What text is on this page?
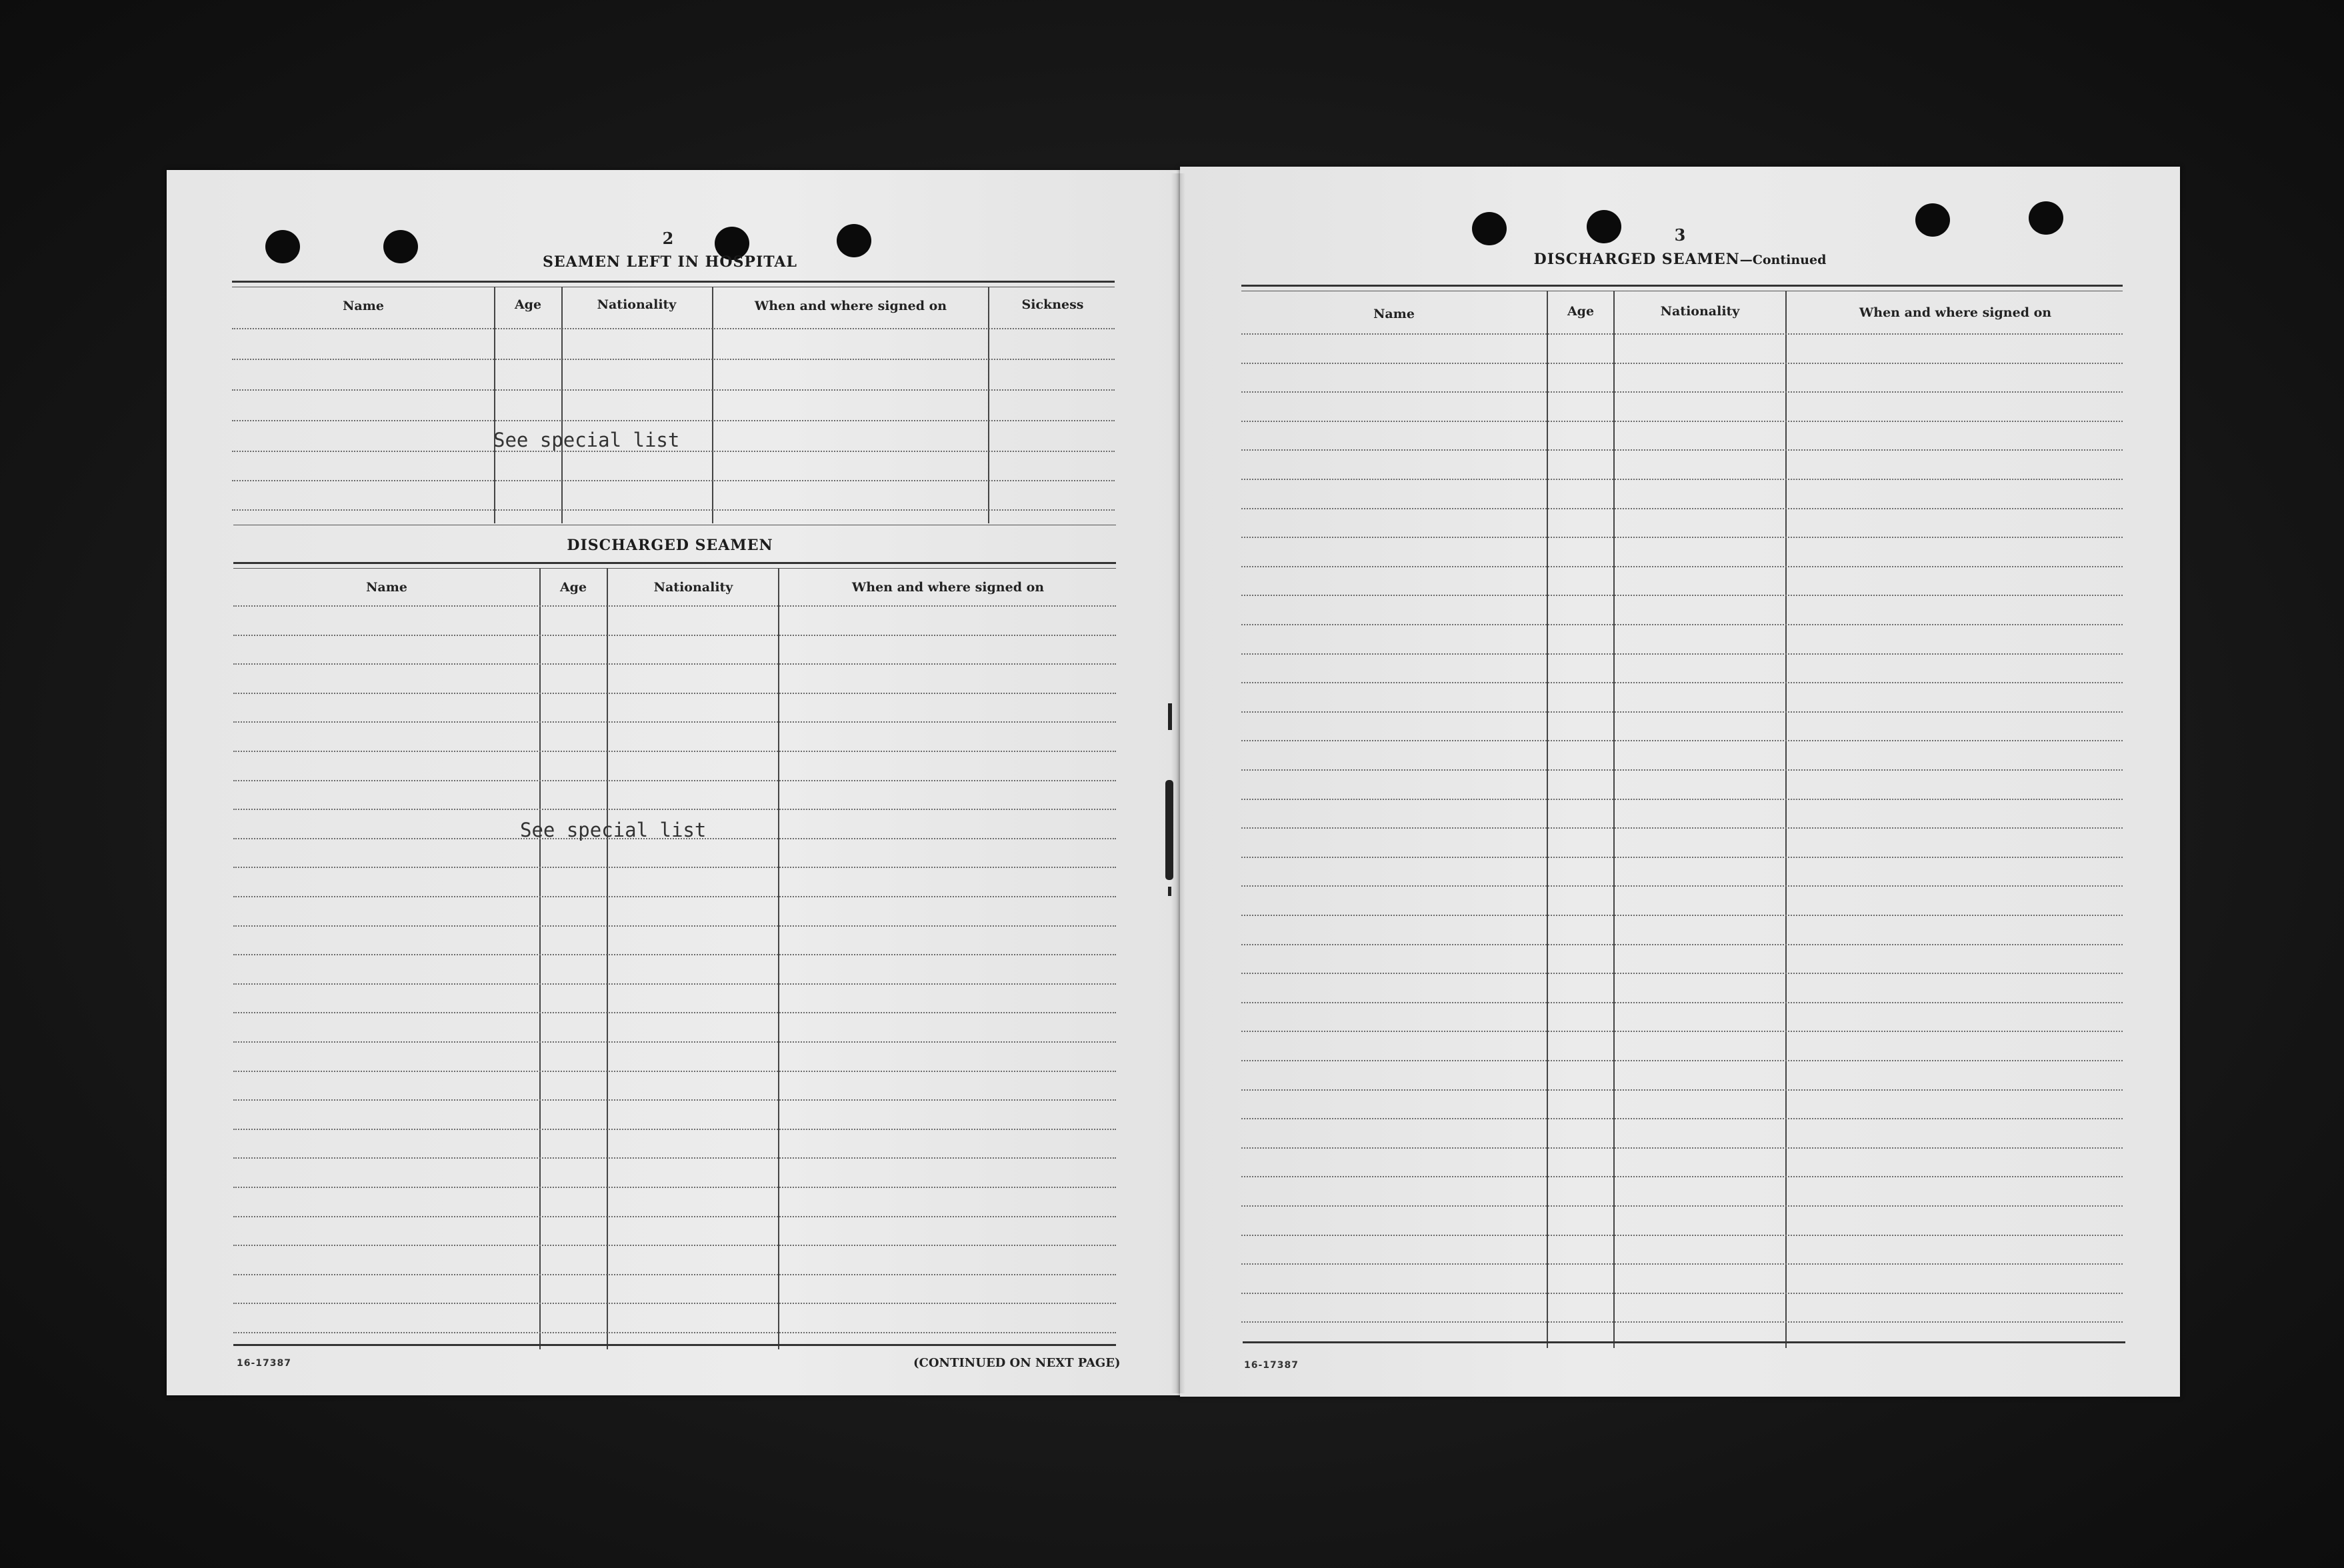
2
SEAMEN LEFT IN HOSPITAL
Name	Age	Nationality	When and where signed on	Sickness
See special list
DISCHARGED SEAMEN
Name	Age	Nationality	When and where signed on
See special list
16-17387	(CONTINUED ON NEXT PAGE)
3
DISCHARGED SEAMEN—Continued
Name	Age	Nationality	When and where signed on
16-17387
